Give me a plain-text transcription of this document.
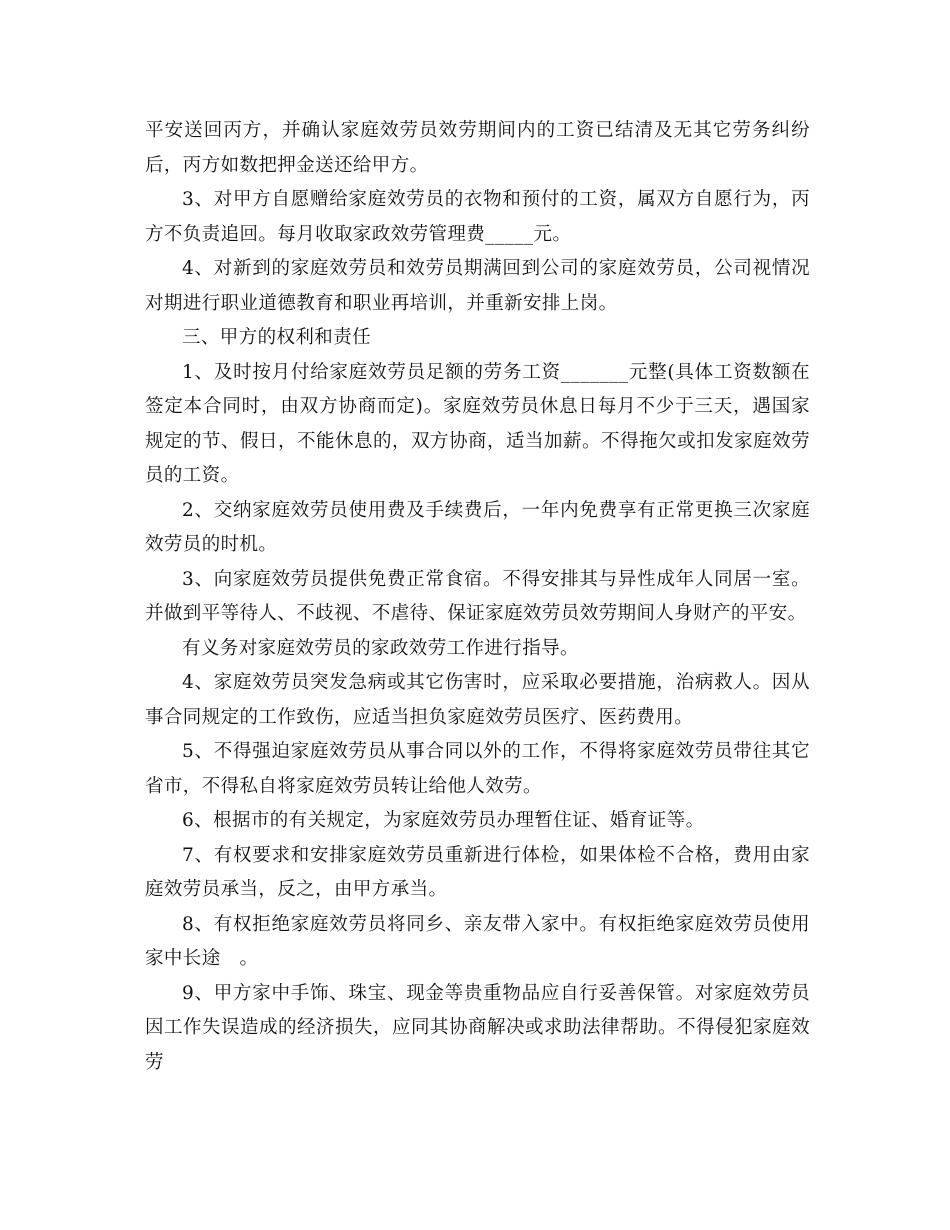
平安送回丙方，并确认家庭效劳员效劳期间内的工资已结清及无其它劳务纠纷后，丙方如数把押金送还给甲方。

3、对甲方自愿赠给家庭效劳员的衣物和预付的工资，属双方自愿行为，丙方不负责追回。每月收取家政效劳管理费_____元。

4、对新到的家庭效劳员和效劳员期满回到公司的家庭效劳员，公司视情况对期进行职业道德教育和职业再培训，并重新安排上岗。

三、甲方的权利和责任

1、及时按月付给家庭效劳员足额的劳务工资_______元整(具体工资数额在签定本合同时，由双方协商而定)。家庭效劳员休息日每月不少于三天，遇国家规定的节、假日，不能休息的，双方协商，适当加薪。不得拖欠或扣发家庭效劳员的工资。

2、交纳家庭效劳员使用费及手续费后，一年内免费享有正常更换三次家庭效劳员的时机。

3、向家庭效劳员提供免费正常食宿。不得安排其与异性成年人同居一室。并做到平等待人、不歧视、不虐待、保证家庭效劳员效劳期间人身财产的平安。

有义务对家庭效劳员的家政效劳工作进行指导。

4、家庭效劳员突发急病或其它伤害时，应采取必要措施，治病救人。因从事合同规定的工作致伤，应适当担负家庭效劳员医疗、医药费用。

5、不得强迫家庭效劳员从事合同以外的工作，不得将家庭效劳员带往其它省市，不得私自将家庭效劳员转让给他人效劳。

6、根据市的有关规定，为家庭效劳员办理暂住证、婚育证等。

7、有权要求和安排家庭效劳员重新进行体检，如果体检不合格，费用由家庭效劳员承当，反之，由甲方承当。

8、有权拒绝家庭效劳员将同乡、亲友带入家中。有权拒绝家庭效劳员使用家中长途　。

9、甲方家中手饰、珠宝、现金等贵重物品应自行妥善保管。对家庭效劳员因工作失误造成的经济损失，应同其协商解决或求助法律帮助。不得侵犯家庭效劳
